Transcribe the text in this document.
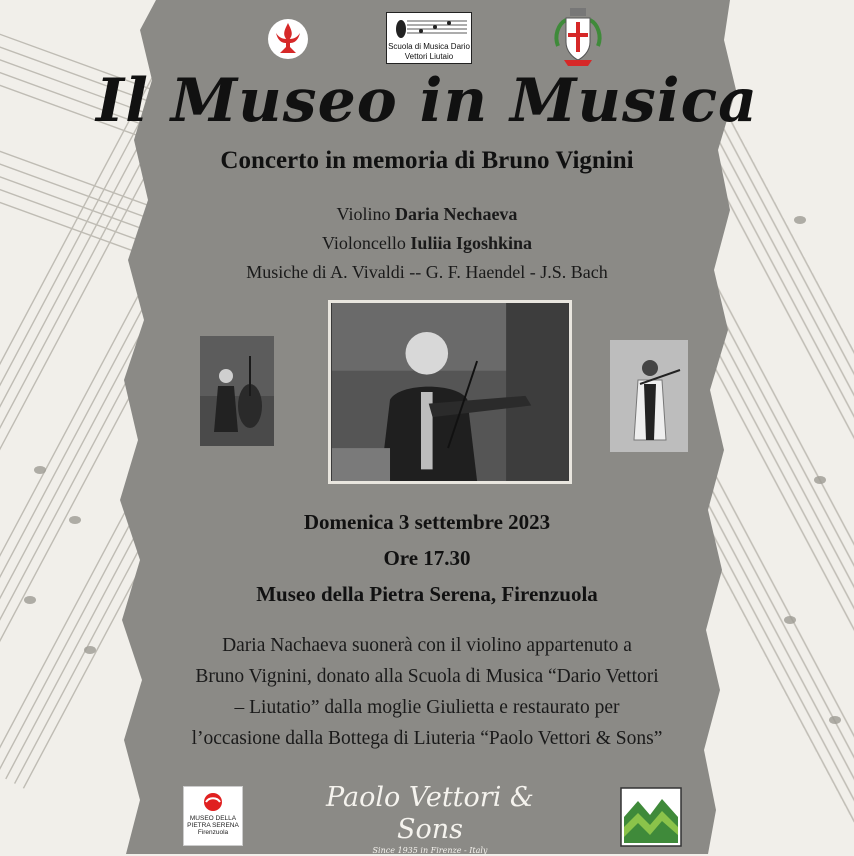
Scuola di Musica Dario Vettori Liutaio
Il Museo in Musica
Concerto in memoria di Bruno Vignini
Violino Daria Nechaeva
Violoncello Iuliia Igoshkina
Musiche di A. Vivaldi -- G. F. Haendel - J.S. Bach
Domenica 3 settembre 2023
Ore 17.30
Museo della Pietra Serena, Firenzuola
Daria Nachaeva suonerà con il violino appartenuto a
Bruno Vignini, donato alla Scuola di Musica “Dario Vettori
– Liutatio” dalla moglie Giulietta e restaurato per
l’occasione dalla Bottega di Liuteria “Paolo Vettori & Sons”
MUSEO DELLA PIETRA SERENA Firenzuola
Paolo Vettori & Sons
Since 1935 in Firenze - Italy
